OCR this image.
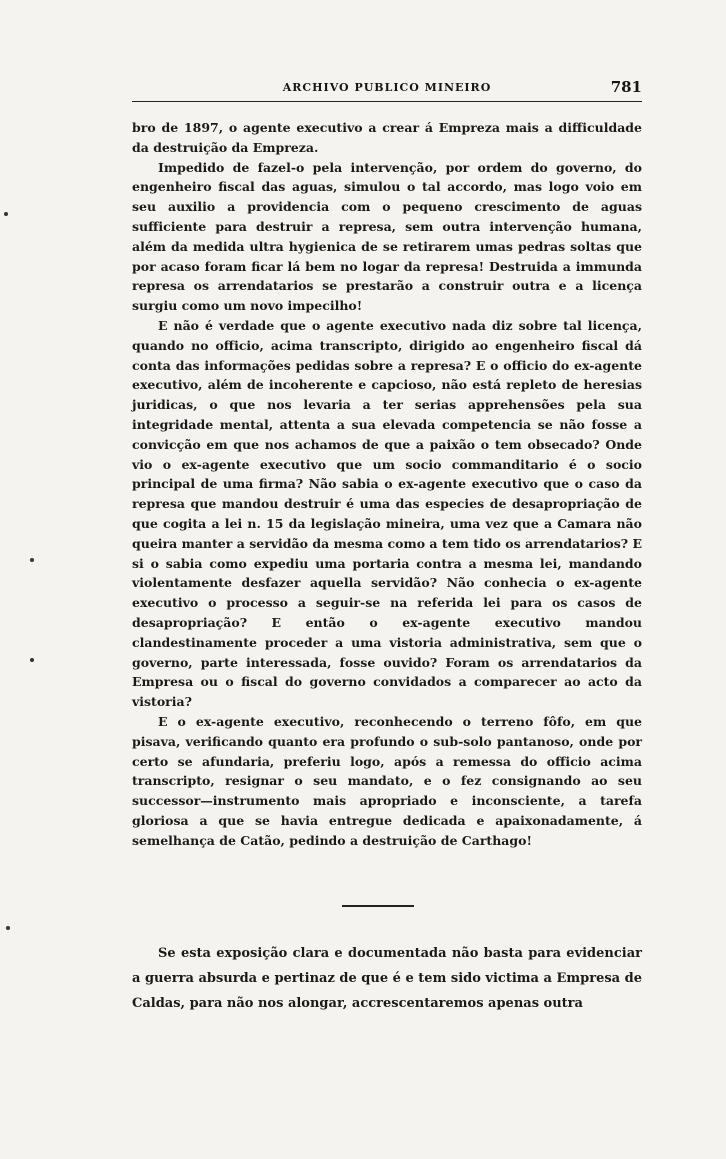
ARCHIVO PUBLICO MINEIRO	781

bro de 1897, o agente executivo a crear á Empreza mais a difficuldade da destruição da Empreza.

Impedido de fazel-o pela intervenção, por ordem do governo, do engenheiro fiscal das aguas, simulou o tal accordo, mas logo voio em seu auxilio a providencia com o pequeno crescimento de aguas sufficiente para destruir a represa, sem outra intervenção humana, além da medida ultra hygienica de se retirarem umas pedras soltas que por acaso foram ficar lá bem no logar da represa! Destruida a immunda represa os arrendatarios se prestarão a construir outra e a licença surgiu como um novo impecilho!

E não é verdade que o agente executivo nada diz sobre tal licença, quando no officio, acima transcripto, dirigido ao engenheiro fiscal dá conta das informações pedidas sobre a represa? E o officio do ex-agente executivo, além de incoherente e capcioso, não está repleto de heresias juridicas, o que nos levaria a ter serias apprehensões pela sua integridade mental, attenta a sua elevada competencia se não fosse a convicção em que nos achamos de que a paixão o tem obsecado? Onde vio o ex-agente executivo que um socio commanditario é o socio principal de uma firma? Não sabia o ex-agente executivo que o caso da represa que mandou destruir é uma das especies de desapropriação de que cogita a lei n. 15 da legislação mineira, uma vez que a Camara não queira manter a servidão da mesma como a tem tido os arrendatarios? E si o sabia como expediu uma portaria contra a mesma lei, mandando violentamente desfazer aquella servidão? Não conhecia o ex-agente executivo o processo a seguir-se na referida lei para os casos de desapropriação? E então o ex-agente executivo mandou clandestinamente proceder a uma vistoria administrativa, sem que o governo, parte interessada, fosse ouvido? Foram os arrendatarios da Empresa ou o fiscal do governo convidados a comparecer ao acto da vistoria?

E o ex-agente executivo, reconhecendo o terreno fôfo, em que pisava, verificando quanto era profundo o sub-solo pantanoso, onde por certo se afundaria, preferiu logo, após a remessa do officio acima transcripto, resignar o seu mandato, e o fez consignando ao seu successor—instrumento mais apropriado e inconsciente, a tarefa gloriosa a que se havia entregue dedicada e apaixonadamente, á semelhança de Catão, pedindo a destruição de Carthago!

Se esta exposição clara e documentada não basta para evidenciar a guerra absurda e pertinaz de que é e tem sido victima a Empresa de Caldas, para não nos alongar, accrescentaremos apenas outra
